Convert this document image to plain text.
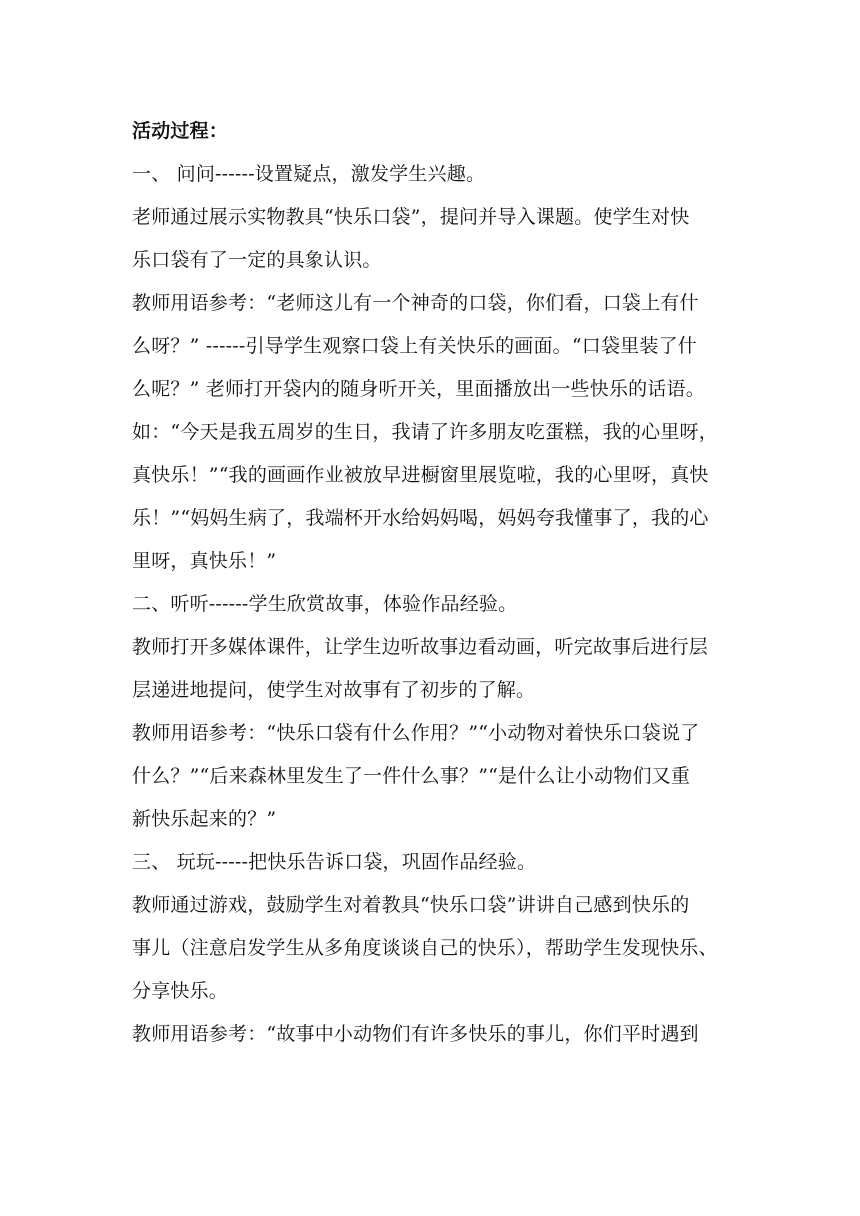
活动过程：
一、 问问------设置疑点，激发学生兴趣。
老师通过展示实物教具“快乐口袋”，提问并导入课题。使学生对快
乐口袋有了一定的具象认识。
教师用语参考：“老师这儿有一个神奇的口袋，你们看，口袋上有什
么呀？” ------引导学生观察口袋上有关快乐的画面。“口袋里装了什
么呢？” 老师打开袋内的随身听开关，里面播放出一些快乐的话语。
如：“今天是我五周岁的生日，我请了许多朋友吃蛋糕，我的心里呀，
真快乐！”“我的画画作业被放早进橱窗里展览啦，我的心里呀，真快
乐！”“妈妈生病了，我端杯开水给妈妈喝，妈妈夸我懂事了，我的心
里呀，真快乐！”
二、听听------学生欣赏故事，体验作品经验。
教师打开多媒体课件，让学生边听故事边看动画，听完故事后进行层
层递进地提问，使学生对故事有了初步的了解。
教师用语参考：“快乐口袋有什么作用？”“小动物对着快乐口袋说了
什么？”“后来森林里发生了一件什么事？”“是什么让小动物们又重
新快乐起来的？”
三、 玩玩-----把快乐告诉口袋，巩固作品经验。
教师通过游戏，鼓励学生对着教具“快乐口袋”讲讲自己感到快乐的
事儿（注意启发学生从多角度谈谈自己的快乐），帮助学生发现快乐、
分享快乐。
教师用语参考：“故事中小动物们有许多快乐的事儿，你们平时遇到
